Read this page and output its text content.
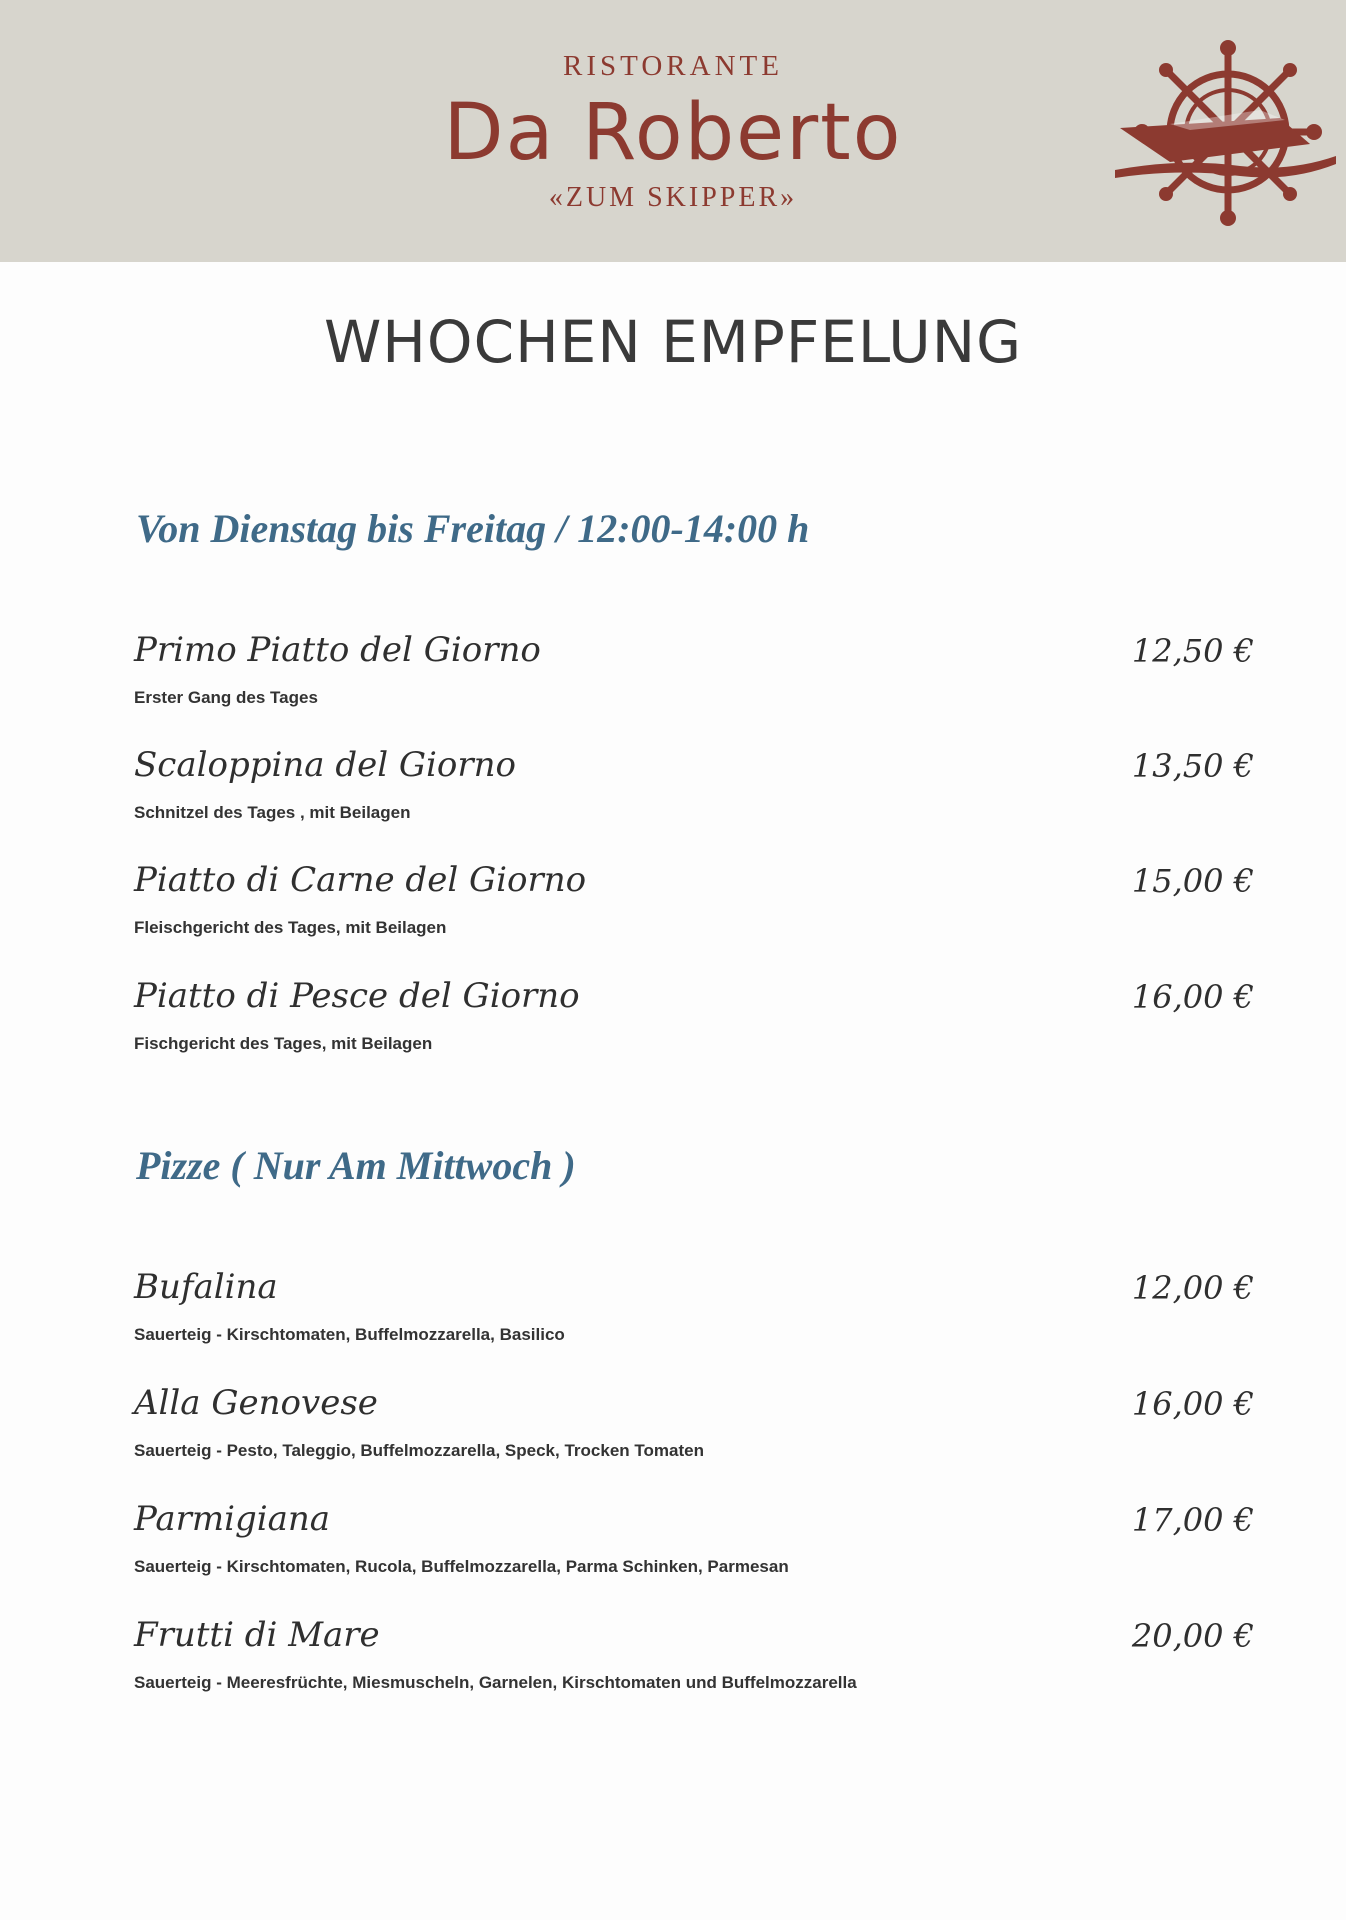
RISTORANTE
Da Roberto
«ZUM SKIPPER»
WHOCHEN EMPFELUNG
Von Dienstag bis Freitag / 12:00-14:00 h
Primo Piatto del Giorno
Erster Gang des Tages
12,50 €
Scaloppina del Giorno
Schnitzel des Tages , mit Beilagen
13,50 €
Piatto di Carne del Giorno
Fleischgericht des Tages, mit Beilagen
15,00 €
Piatto di Pesce del Giorno
Fischgericht des Tages, mit Beilagen
16,00 €
Pizze ( Nur Am Mittwoch )
Bufalina
Sauerteig - Kirschtomaten, Buffelmozzarella, Basilico
12,00 €
Alla Genovese
Sauerteig - Pesto, Taleggio, Buffelmozzarella, Speck, Trocken Tomaten
16,00 €
Parmigiana
Sauerteig - Kirschtomaten, Rucola, Buffelmozzarella, Parma Schinken, Parmesan
17,00 €
Frutti di Mare
Sauerteig - Meeresfrüchte, Miesmuscheln, Garnelen, Kirschtomaten und Buffelmozzarella
20,00 €
